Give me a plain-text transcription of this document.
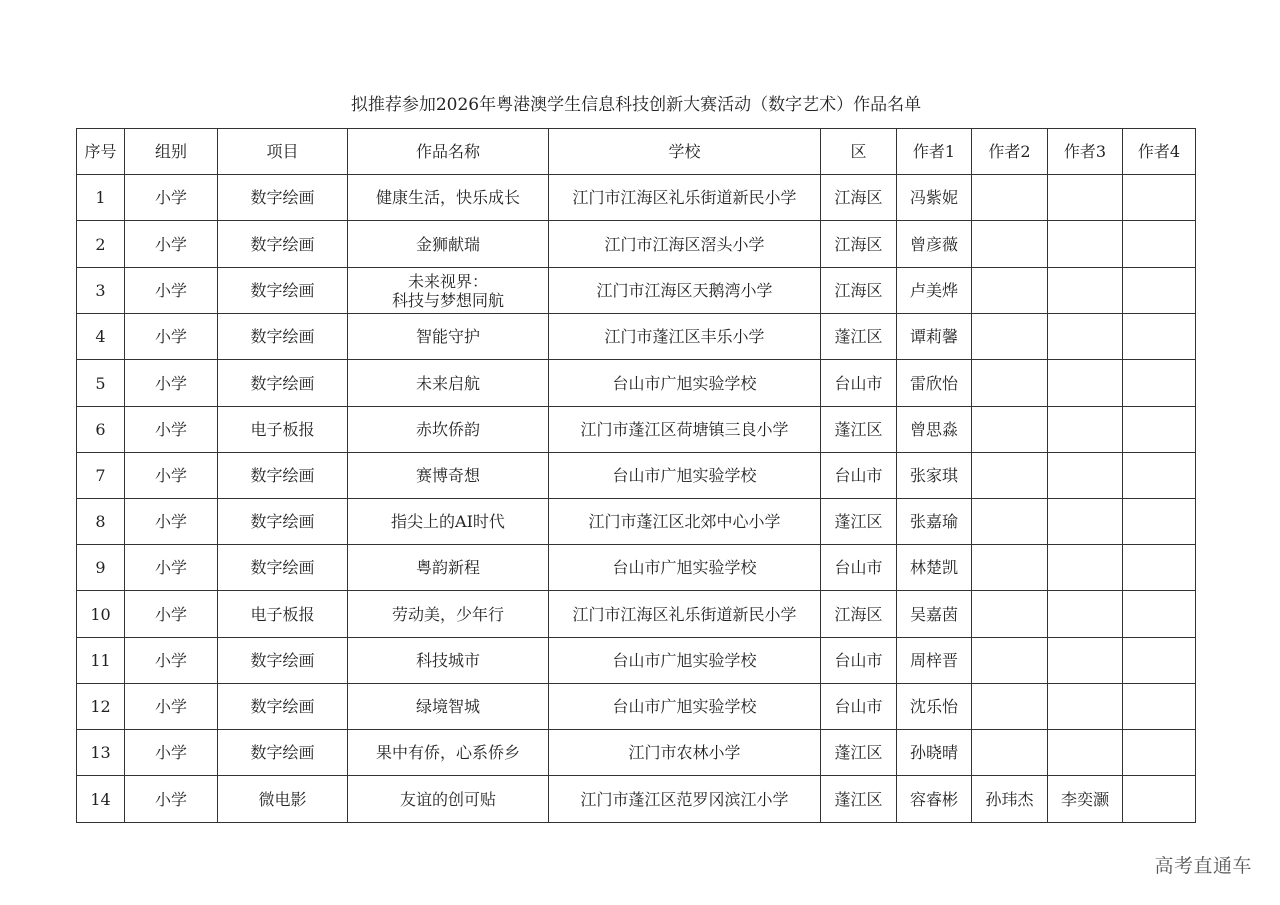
拟推荐参加2026年粤港澳学生信息科技创新大赛活动（数字艺术）作品名单
序号	组别	项目	作品名称	学校	区	作者1	作者2	作者3	作者4
1	小学	数字绘画	健康生活，快乐成长	江门市江海区礼乐街道新民小学	江海区	冯紫妮			
2	小学	数字绘画	金狮献瑞	江门市江海区滘头小学	江海区	曾彦薇			
3	小学	数字绘画	未来视界：
科技与梦想同航	江门市江海区天鹅湾小学	江海区	卢美烨			
4	小学	数字绘画	智能守护	江门市蓬江区丰乐小学	蓬江区	谭莉馨			
5	小学	数字绘画	未来启航	台山市广旭实验学校	台山市	雷欣怡			
6	小学	电子板报	赤坎侨韵	江门市蓬江区荷塘镇三良小学	蓬江区	曾思淼			
7	小学	数字绘画	赛博奇想	台山市广旭实验学校	台山市	张家琪			
8	小学	数字绘画	指尖上的AI时代	江门市蓬江区北郊中心小学	蓬江区	张嘉瑜			
9	小学	数字绘画	粤韵新程	台山市广旭实验学校	台山市	林楚凯			
10	小学	电子板报	劳动美，少年行	江门市江海区礼乐街道新民小学	江海区	吴嘉茵			
11	小学	数字绘画	科技城市	台山市广旭实验学校	台山市	周梓晋			
12	小学	数字绘画	绿境智城	台山市广旭实验学校	台山市	沈乐怡			
13	小学	数字绘画	果中有侨，心系侨乡	江门市农林小学	蓬江区	孙晓晴			
14	小学	微电影	友谊的创可贴	江门市蓬江区范罗冈滨江小学	蓬江区	容睿彬	孙玮杰	李奕灏	
高考直通车
